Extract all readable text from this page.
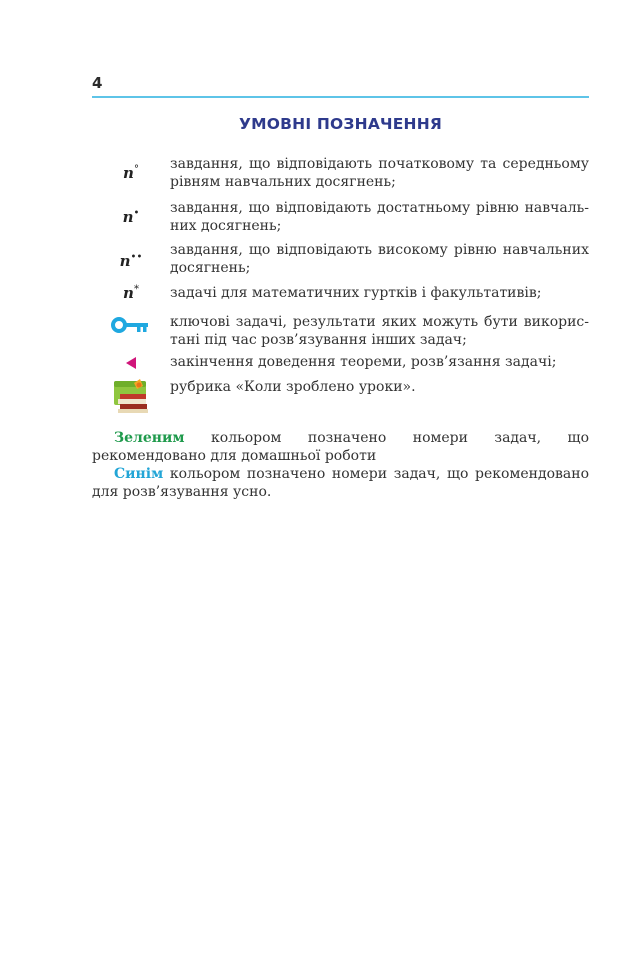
4
УМОВНІ ПОЗНАЧЕННЯ
n°	завдання, що відповідають початковому та середньому рівням навчальних досягнень;
n•	завдання, що відповідають достатньому рівню навчальних досягнень;
n••	завдання, що відповідають високому рівню навчальних досягнень;
n*	задачі для математичних гуртків і факультативів;
ключові задачі, результати яких можуть бути використані під час розв’язування інших задач;
закінчення доведення теореми, розв’язання задачі;
рубрика «Коли зроблено уроки».
Зеленим кольором позначено номери задач, що рекомендовано для домашньої роботи
Синім кольором позначено номери задач, що рекомендовано для розв’язування усно.
